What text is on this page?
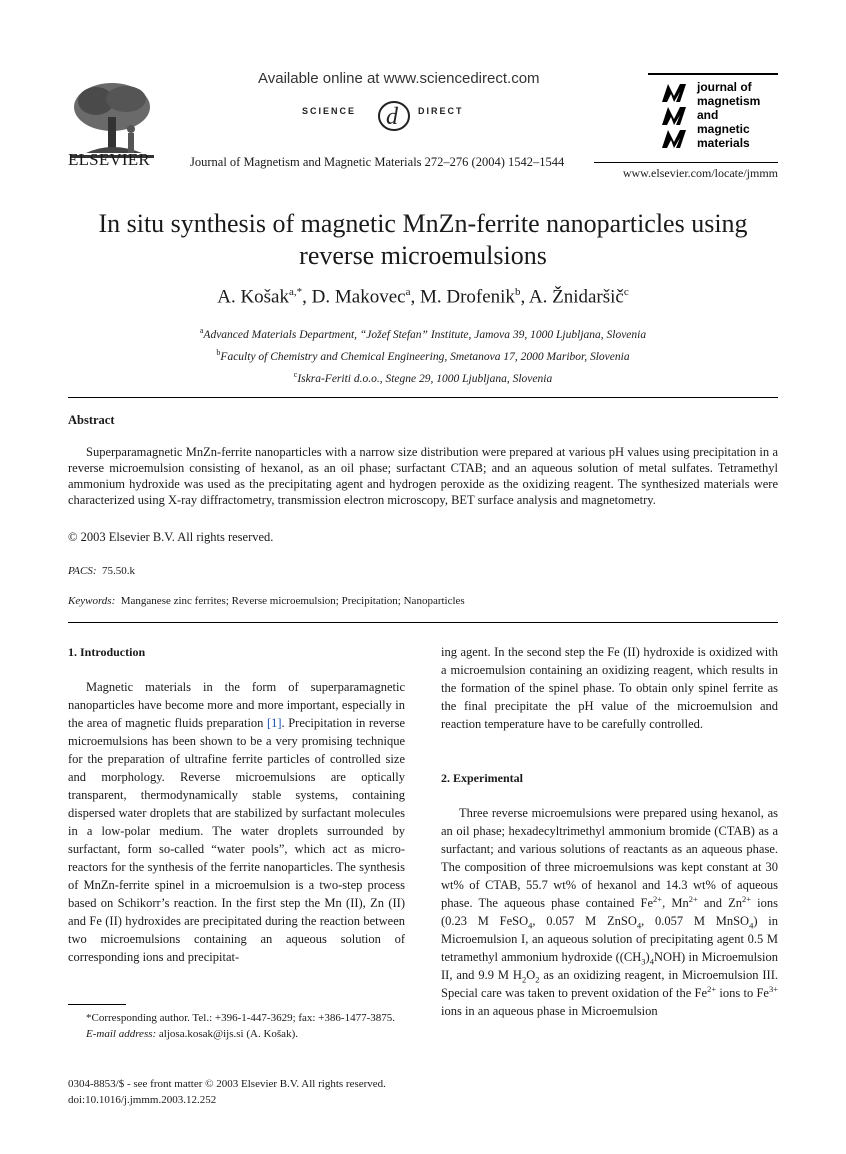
ELSEVIER
Available online at www.sciencedirect.com
SCIENCE d DIRECT
Journal of Magnetism and Magnetic Materials 272–276 (2004) 1542–1544
journal of
magnetism
and
magnetic
materials
www.elsevier.com/locate/jmmm
In situ synthesis of magnetic MnZn-ferrite nanoparticles using
reverse microemulsions
A. Košak$^{a,*}$, D. Makovec$^a$, M. Drofenik$^b$, A. Žnidaršič$^c$
$^a$Advanced Materials Department, “Jožef Stefan” Institute, Jamova 39, 1000 Ljubljana, Slovenia
$^b$Faculty of Chemistry and Chemical Engineering, Smetanova 17, 2000 Maribor, Slovenia
$^c$Iskra-Feriti d.o.o., Stegne 29, 1000 Ljubljana, Slovenia
Abstract
Superparamagnetic MnZn-ferrite nanoparticles with a narrow size distribution were prepared at various pH values using precipitation in a reverse microemulsion consisting of hexanol, as an oil phase; surfactant CTAB; and an aqueous solution of metal sulfates. Tetramethyl ammonium hydroxide was used as the precipitating agent and hydrogen peroxide as the oxidizing reagent. The synthesized materials were characterized using X-ray diffractometry, transmission electron microscopy, BET surface analysis and magnetometry.
© 2003 Elsevier B.V. All rights reserved.
PACS: 75.50.k
Keywords: Manganese zinc ferrites; Reverse microemulsion; Precipitation; Nanoparticles
1. Introduction

Magnetic materials in the form of superparamagnetic nanoparticles have become more and more important, especially in the area of magnetic fluids preparation [1]. Precipitation in reverse microemulsions has been shown to be a very promising technique for the preparation of ultrafine ferrite particles of controlled size and morphology. Reverse microemulsions are optically transparent, thermodynamically stable systems, containing dispersed water droplets that are stabilized by surfactant molecules in a low-polar medium. The water droplets surrounded by surfactant, form so-called “water pools”, which act as micro-reactors for the synthesis of the ferrite nanoparticles. The synthesis of MnZn-ferrite spinel in a microemulsion is a two-step process based on Schikorr’s reaction. In the first step the Mn (II), Zn (II) and Fe (II) hydroxides are precipitated during the reaction between two microemulsions containing an aqueous solution of corresponding ions and precipitat-

*Corresponding author. Tel.: +396-1-447-3629; fax: +386-1477-3875.
E-mail address: aljosa.kosak@ijs.si (A. Košak).
0304-8853/$ - see front matter © 2003 Elsevier B.V. All rights reserved.
doi:10.1016/j.jmmm.2003.12.252

ing agent. In the second step the Fe (II) hydroxide is oxidized with a microemulsion containing an oxidizing reagent, which results in the formation of the spinel phase. To obtain only spinel ferrite as the final precipitate the pH value of the microemulsion and reaction temperature have to be carefully controlled.

2. Experimental

Three reverse microemulsions were prepared using hexanol, as an oil phase; hexadecyltrimethyl ammonium bromide (CTAB) as a surfactant; and various solutions of reactants as an aqueous phase. The composition of three microemulsions was kept constant at 30 wt% of CTAB, 55.7 wt% of hexanol and 14.3 wt% of aqueous phase. The aqueous phase contained $Fe^{2+}$, $Mn^{2+}$ and $Zn^{2+}$ ions (0.23 M FeSO$_4$, 0.057 M ZnSO$_4$, 0.057 M MnSO$_4$) in Microemulsion I, an aqueous solution of precipitating agent 0.5 M tetramethyl ammonium hydroxide $((CH_3)_4NOH)$ in Microemulsion II, and 9.9 M $H_2O_2$ as an oxidizing reagent, in Microemulsion III. Special care was taken to prevent oxidation of the $Fe^{2+}$ ions to $Fe^{3+}$ ions in an aqueous phase in Microemulsion
